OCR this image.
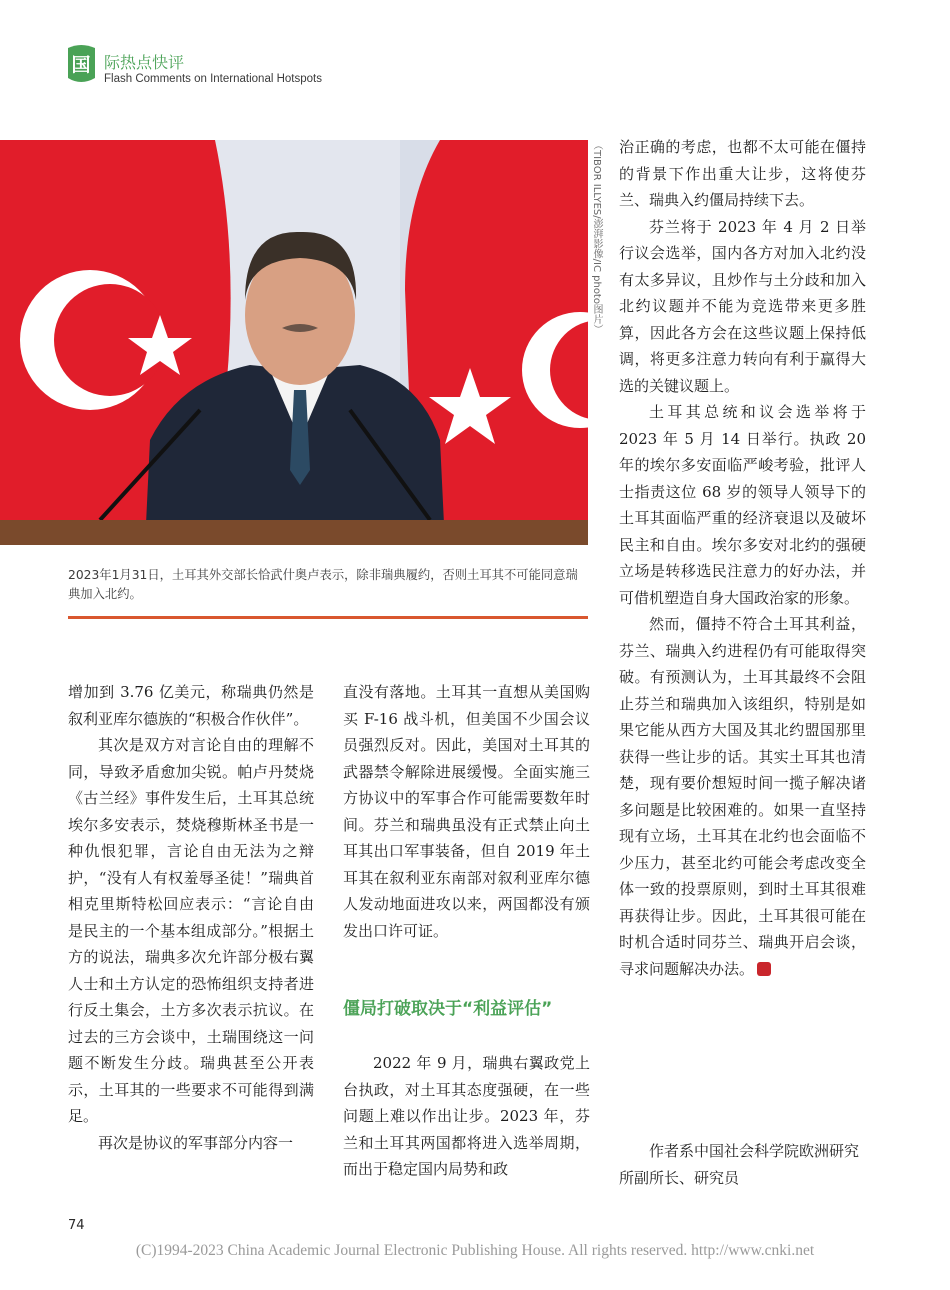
国 际热点快评
Flash Comments on International Hotspots
（TIBOR ILLYES/澎湃影像/IC photo图片）
2023年1月31日，土耳其外交部长恰武什奥卢表示，除非瑞典履约，否则土耳其不可能同意瑞典加入北约。

增加到 3.76 亿美元，称瑞典仍然是叙利亚库尔德族的“积极合作伙伴”。

其次是双方对言论自由的理解不同，导致矛盾愈加尖锐。帕卢丹焚烧《古兰经》事件发生后，土耳其总统埃尔多安表示，焚烧穆斯林圣书是一种仇恨犯罪，言论自由无法为之辩护，“没有人有权羞辱圣徒！”瑞典首相克里斯特松回应表示：“言论自由是民主的一个基本组成部分。”根据土方的说法，瑞典多次允许部分极右翼人士和土方认定的恐怖组织支持者进行反土集会，土方多次表示抗议。在过去的三方会谈中，土瑞围绕这一问题不断发生分歧。瑞典甚至公开表示，土耳其的一些要求不可能得到满足。

再次是协议的军事部分内容一

直没有落地。土耳其一直想从美国购买 F-16 战斗机，但美国不少国会议员强烈反对。因此，美国对土耳其的武器禁令解除进展缓慢。全面实施三方协议中的军事合作可能需要数年时间。芬兰和瑞典虽没有正式禁止向土耳其出口军事装备，但自 2019 年土耳其在叙利亚东南部对叙利亚库尔德人发动地面进攻以来，两国都没有颁发出口许可证。

僵局打破取决于“利益评估”

2022 年 9 月，瑞典右翼政党上台执政，对土耳其态度强硬，在一些问题上难以作出让步。2023 年，芬兰和土耳其两国都将进入选举周期，而出于稳定国内局势和政

治正确的考虑，也都不太可能在僵持的背景下作出重大让步，这将使芬兰、瑞典入约僵局持续下去。

芬兰将于 2023 年 4 月 2 日举行议会选举，国内各方对加入北约没有太多异议，且炒作与土分歧和加入北约议题并不能为竞选带来更多胜算，因此各方会在这些议题上保持低调，将更多注意力转向有利于赢得大选的关键议题上。

土耳其总统和议会选举将于 2023 年 5 月 14 日举行。执政 20 年的埃尔多安面临严峻考验，批评人士指责这位 68 岁的领导人领导下的土耳其面临严重的经济衰退以及破坏民主和自由。埃尔多安对北约的强硬立场是转移选民注意力的好办法，并可借机塑造自身大国政治家的形象。

然而，僵持不符合土耳其利益，芬兰、瑞典入约进程仍有可能取得突破。有预测认为，土耳其最终不会阻止芬兰和瑞典加入该组织，特别是如果它能从西方大国及其北约盟国那里获得一些让步的话。其实土耳其也清楚，现有要价想短时间一揽子解决诸多问题是比较困难的。如果一直坚持现有立场，土耳其在北约也会面临不少压力，甚至北约可能会考虑改变全体一致的投票原则，到时土耳其很难再获得让步。因此，土耳其很可能在时机合适时同芬兰、瑞典开启会谈，寻求问题解决办法。

作者系中国社会科学院欧洲研究所副所长、研究员
74
(C)1994-2023 China Academic Journal Electronic Publishing House. All rights reserved. http://www.cnki.net
